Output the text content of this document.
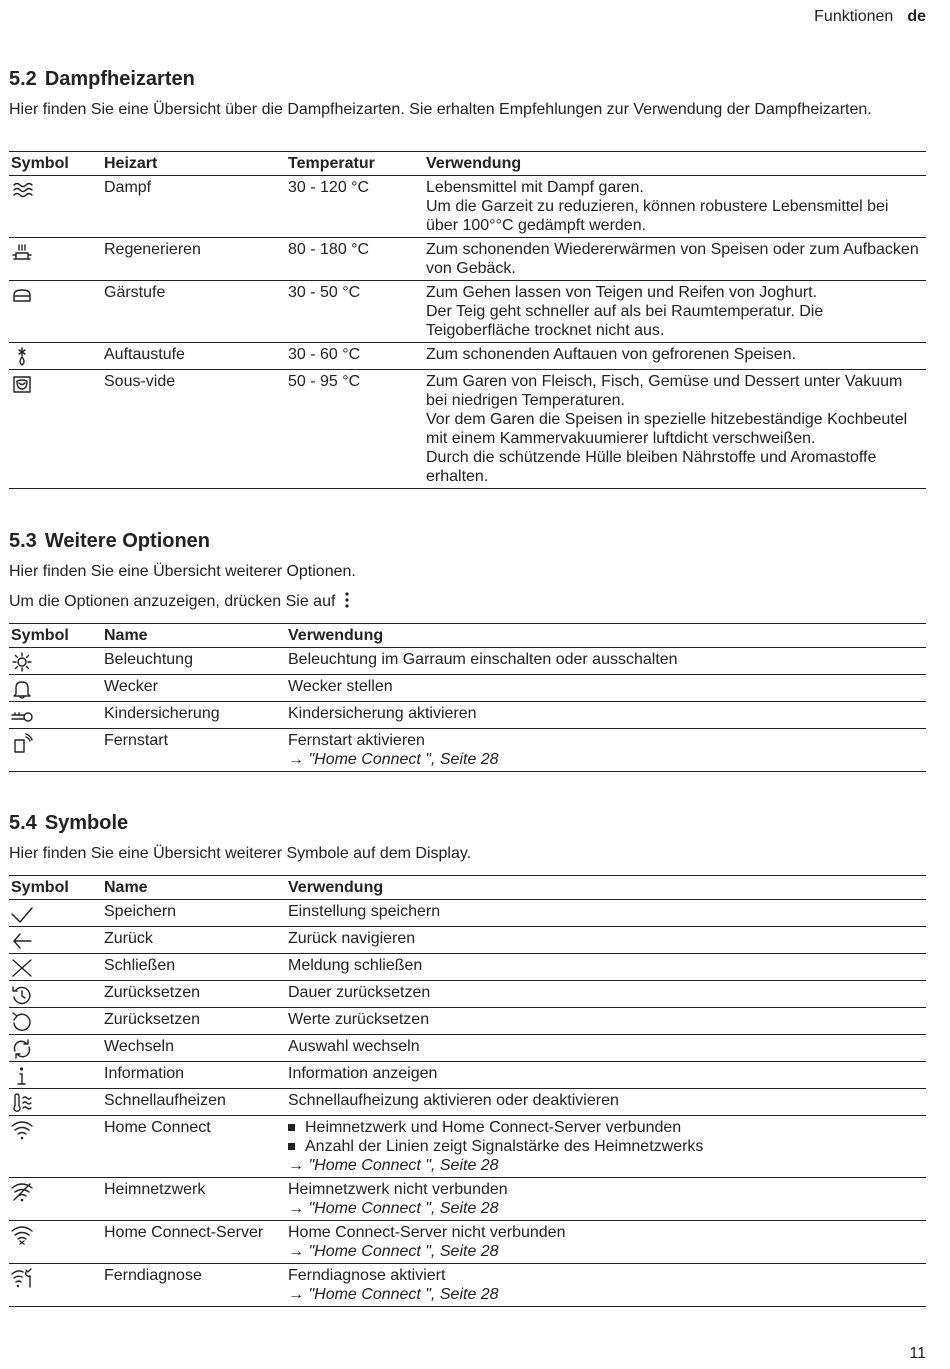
Funktionen de
5.2 Dampfheizarten

Hier finden Sie eine Übersicht über die Dampfheizarten. Sie erhalten Empfehlungen zur Verwendung der Dampfheizarten.

Symbol	Heizart	Temperatur	Verwendung

	Dampf	30 - 120 °C	Lebensmittel mit Dampf garen.
Um die Garzeit zu reduzieren, können robustere Lebensmittel bei über 100°°C gedämpft werden.

	Regenerieren	80 - 180 °C	Zum schonenden Wiedererwärmen von Speisen oder zum Aufbacken von Gebäck.

	Gärstufe	30 - 50 °C	Zum Gehen lassen von Teigen und Reifen von Joghurt.
Der Teig geht schneller auf als bei Raumtemperatur. Die Teigoberfläche trocknet nicht aus.

	Auftaustufe	30 - 60 °C	Zum schonenden Auftauen von gefrorenen Speisen.

	Sous-vide	50 - 95 °C	Zum Garen von Fleisch, Fisch, Gemüse und Dessert unter Vakuum bei niedrigen Temperaturen.
Vor dem Garen die Speisen in spezielle hitzebeständige Kochbeutel mit einem Kammervakuumierer luftdicht verschweißen.
Durch die schützende Hülle bleiben Nährstoffe und Aromastoffe erhalten.
5.3 Weitere Optionen

Hier finden Sie eine Übersicht weiterer Optionen.

Um die Optionen anzuzeigen, drücken Sie auf

Symbol	Name	Verwendung

	Beleuchtung	Beleuchtung im Garraum einschalten oder ausschalten

	Wecker	Wecker stellen

	Kindersicherung	Kindersicherung aktivieren

	Fernstart	Fernstart aktivieren
→ "Home Connect ", Seite 28
5.4 Symbole

Hier finden Sie eine Übersicht weiterer Symbole auf dem Display.

Symbol	Name	Verwendung

	Speichern	Einstellung speichern

	Zurück	Zurück navigieren

	Schließen	Meldung schließen

	Zurücksetzen	Dauer zurücksetzen

	Zurücksetzen	Werte zurücksetzen

	Wechseln	Auswahl wechseln

	Information	Information anzeigen

	Schnellaufheizen	Schnellaufheizung aktivieren oder deaktivieren

	Home Connect	Heimnetzwerk und Home Connect-Server verbunden
Anzahl der Linien zeigt Signalstärke des Heimnetzwerks
→ "Home Connect ", Seite 28

	Heimnetzwerk	Heimnetzwerk nicht verbunden
→ "Home Connect ", Seite 28

	Home Connect-Server	Home Connect-Server nicht verbunden
→ "Home Connect ", Seite 28

	Ferndiagnose	Ferndiagnose aktiviert
→ "Home Connect ", Seite 28
11
